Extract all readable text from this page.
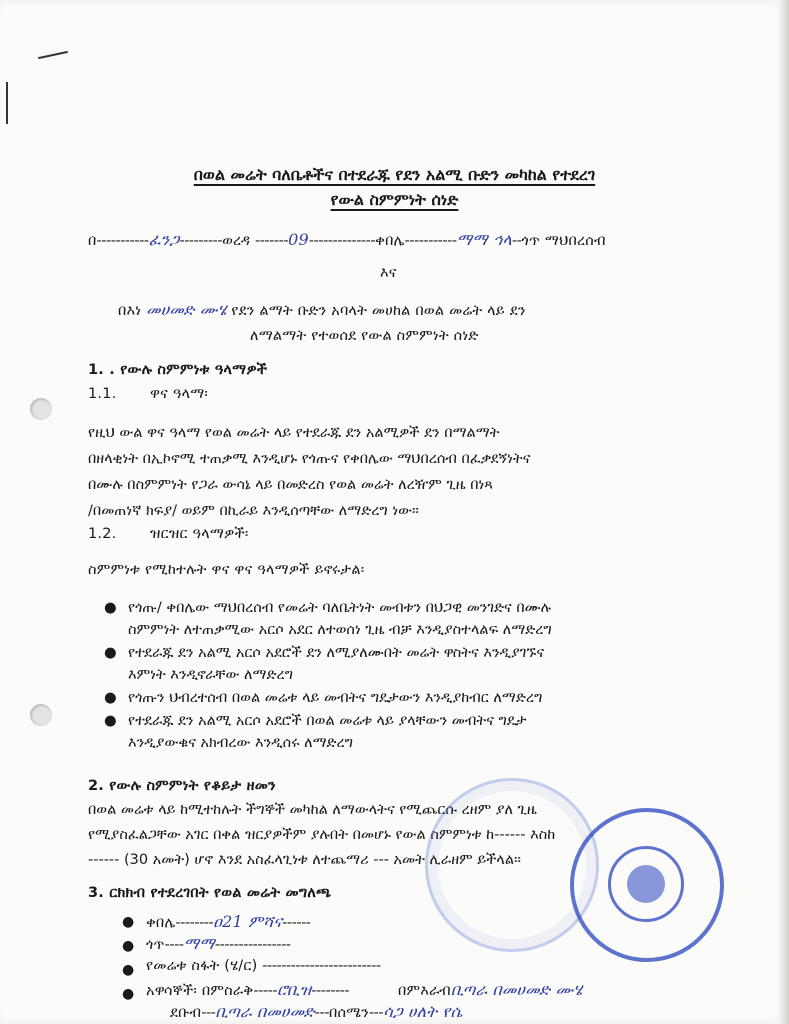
በወል መሬት ባለቤቶችና በተደራጁ የደን አልሚ ቡድን መካከል የተደረገ
የውል ስምምነት ሰነድ
በ-----------ፈንጋ---------ወረዳ -------09--------------ቀበሌ-----------ማማ ኅላ--ጎጥ ማህበረሰብ
እና
በእነ መሀመድ ሙሄ የደን ልማት ቡድን አባላት መሀከል በወል መሬት ላይ ደን
ለማልማት የተወሰደ የውል ስምምነት ሰነድ
1. . የውሉ ስምምነቱ ዓላማዎች
1.1. ዋና ዓላማ፡
የዚህ ውል ዋና ዓላማ የወል መሬት ላይ የተደራጁ ደን አልሚዎች ደን በማልማት
በዘላቂነት በኢኮኖሚ ተጠቃሚ እንዲሆኑ የጎጡና የቀበሌው ማህበረሰብ በፈቃደኝነትና
በሙሉ በስምምነት የጋራ ውሳኔ ላይ በመድረስ የወል መሬት ለረዥም ጊዜ በነጻ
/በመጠነኛ ክፍያ/ ወይም በኪራይ እንዲሰጣቸው ለማድረግ ነው፡፡
1.2. ዝርዝር ዓላማዎች፡
ስምምነቱ የሚከተሉት ዋና ዋና ዓላማዎች ይኖሩታል፡
● የጎጡ/ ቀበሌው ማህበረሰብ የመሬት ባለቤትነት መብቱን በህጋዊ መንገድና በሙሉ
ስምምነት ለተጠቃሚው አርሶ አደር ለተወሰነ ጊዜ ብቻ እንዲያስተላልፍ ለማድረግ
● የተደራጁ ደን አልሚ አርሶ አደሮች ደን ለሚያለሙበት መሬት ዋስትና እንዲያገኙና
እምነት እንዲኖራቸው ለማድረግ
● የጎጡን ህብረተሰብ በወል መሬቱ ላይ መብትና ግዴታውን እንዲያከብር ለማድረግ
● የተደራጁ ደን አልሚ አርሶ አደሮች በወል መሬቱ ላይ ያላቸውን መብትና ግዴታ
እንዲያውቁና አክብረው እንዲሰሩ ለማድረግ
2. የውሉ ስምምነት የቆይታ ዘመን
በወል መሬቱ ላይ ከሚተከሉት ችግኞች መካከል ለማውላትና የሚጨርሱ ረዘም ያለ ጊዜ
የሚያስፈልጋቸው አገር በቀል ዝርያዎችም ያሉበት በመሆኑ የውል ስምምነቱ ከ------ እስከ
------ (30 አመት) ሆኖ እንደ አስፈላጊነቱ ለተጨማሪ --- አመት ሊራዘም ይችላል፡፡
3. ርክክብ የተደረገበት የወል መሬት መግለጫ
● ቀበሌ--------ዐ21 ምሻና------
● ጎጥ----ማማ----------------
● የመሬቱ ስፋት (ሄ/ር) -------------------------
● አዋሳኞች፡ በምስራቅ-----ሮቢዝ--------	በምእራብቢጣራ በመሀመድ ሙሄ
ደቡብ---ቢጣራ በመሀመድ---በሰሜን---ሳጋ ሀለት የሴ
